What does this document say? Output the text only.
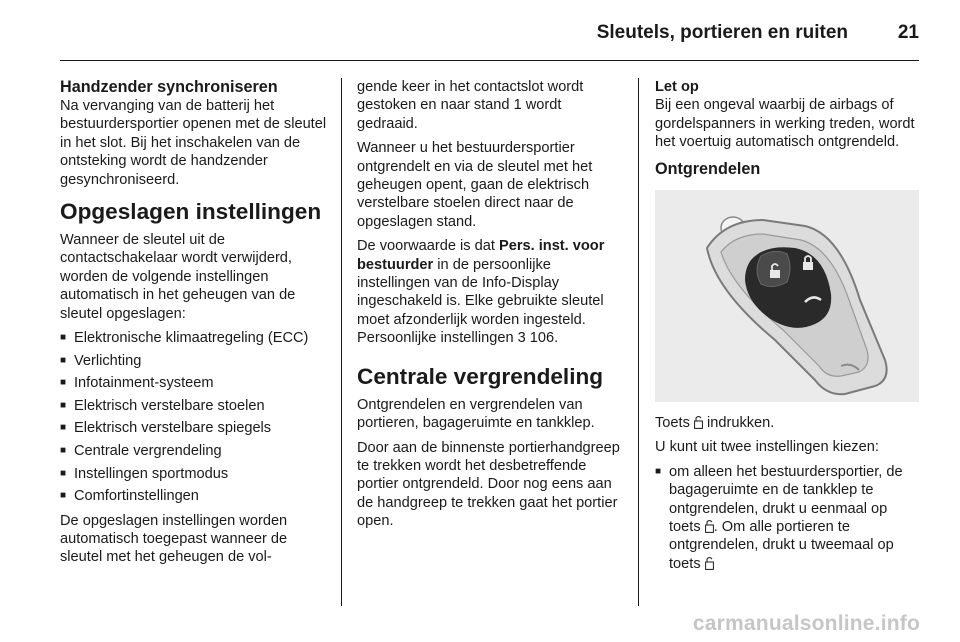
Sleutels, portieren en ruiten	21
Handzender synchroniseren

Na vervanging van de batterij het bestuurdersportier openen met de sleutel in het slot. Bij het inschakelen van de ontsteking wordt de handzender gesynchroniseerd.

Opgeslagen instellingen

Wanneer de sleutel uit de contactschakelaar wordt verwijderd, worden de volgende instellingen automatisch in het geheugen van de sleutel opgeslagen:

■ Elektronische klimaatregeling (ECC)
■ Verlichting
■ Infotainment-systeem
■ Elektrisch verstelbare stoelen
■ Elektrisch verstelbare spiegels
■ Centrale vergrendeling
■ Instellingen sportmodus
■ Comfortinstellingen

De opgeslagen instellingen worden automatisch toegepast wanneer de sleutel met het geheugen de vol-

gende keer in het contactslot wordt gestoken en naar stand 1 wordt gedraaid.

Wanneer u het bestuurdersportier ontgrendelt en via de sleutel met het geheugen opent, gaan de elektrisch verstelbare stoelen direct naar de opgeslagen stand.

De voorwaarde is dat Pers. inst. voor bestuurder in de persoonlijke instellingen van de Info-Display ingeschakeld is. Elke gebruikte sleutel moet afzonderlijk worden ingesteld. Persoonlijke instellingen 3 106.

Centrale vergrendeling

Ontgrendelen en vergrendelen van portieren, bagageruimte en tankklep.

Door aan de binnenste portierhandgreep te trekken wordt het desbetreffende portier ontgrendeld. Door nog eens aan de handgreep te trekken gaat het portier open.

Let op
Bij een ongeval waarbij de airbags of gordelspanners in werking treden, wordt het voertuig automatisch ontgrendeld.
Ontgrendelen

Toets  indrukken.

U kunt uit twee instellingen kiezen:

■ om alleen het bestuurdersportier, de bagageruimte en de tankklep te ontgrendelen, drukt u eenmaal op toets . Om alle portieren te ontgrendelen, drukt u tweemaal op toets
carmanualsonline.info
